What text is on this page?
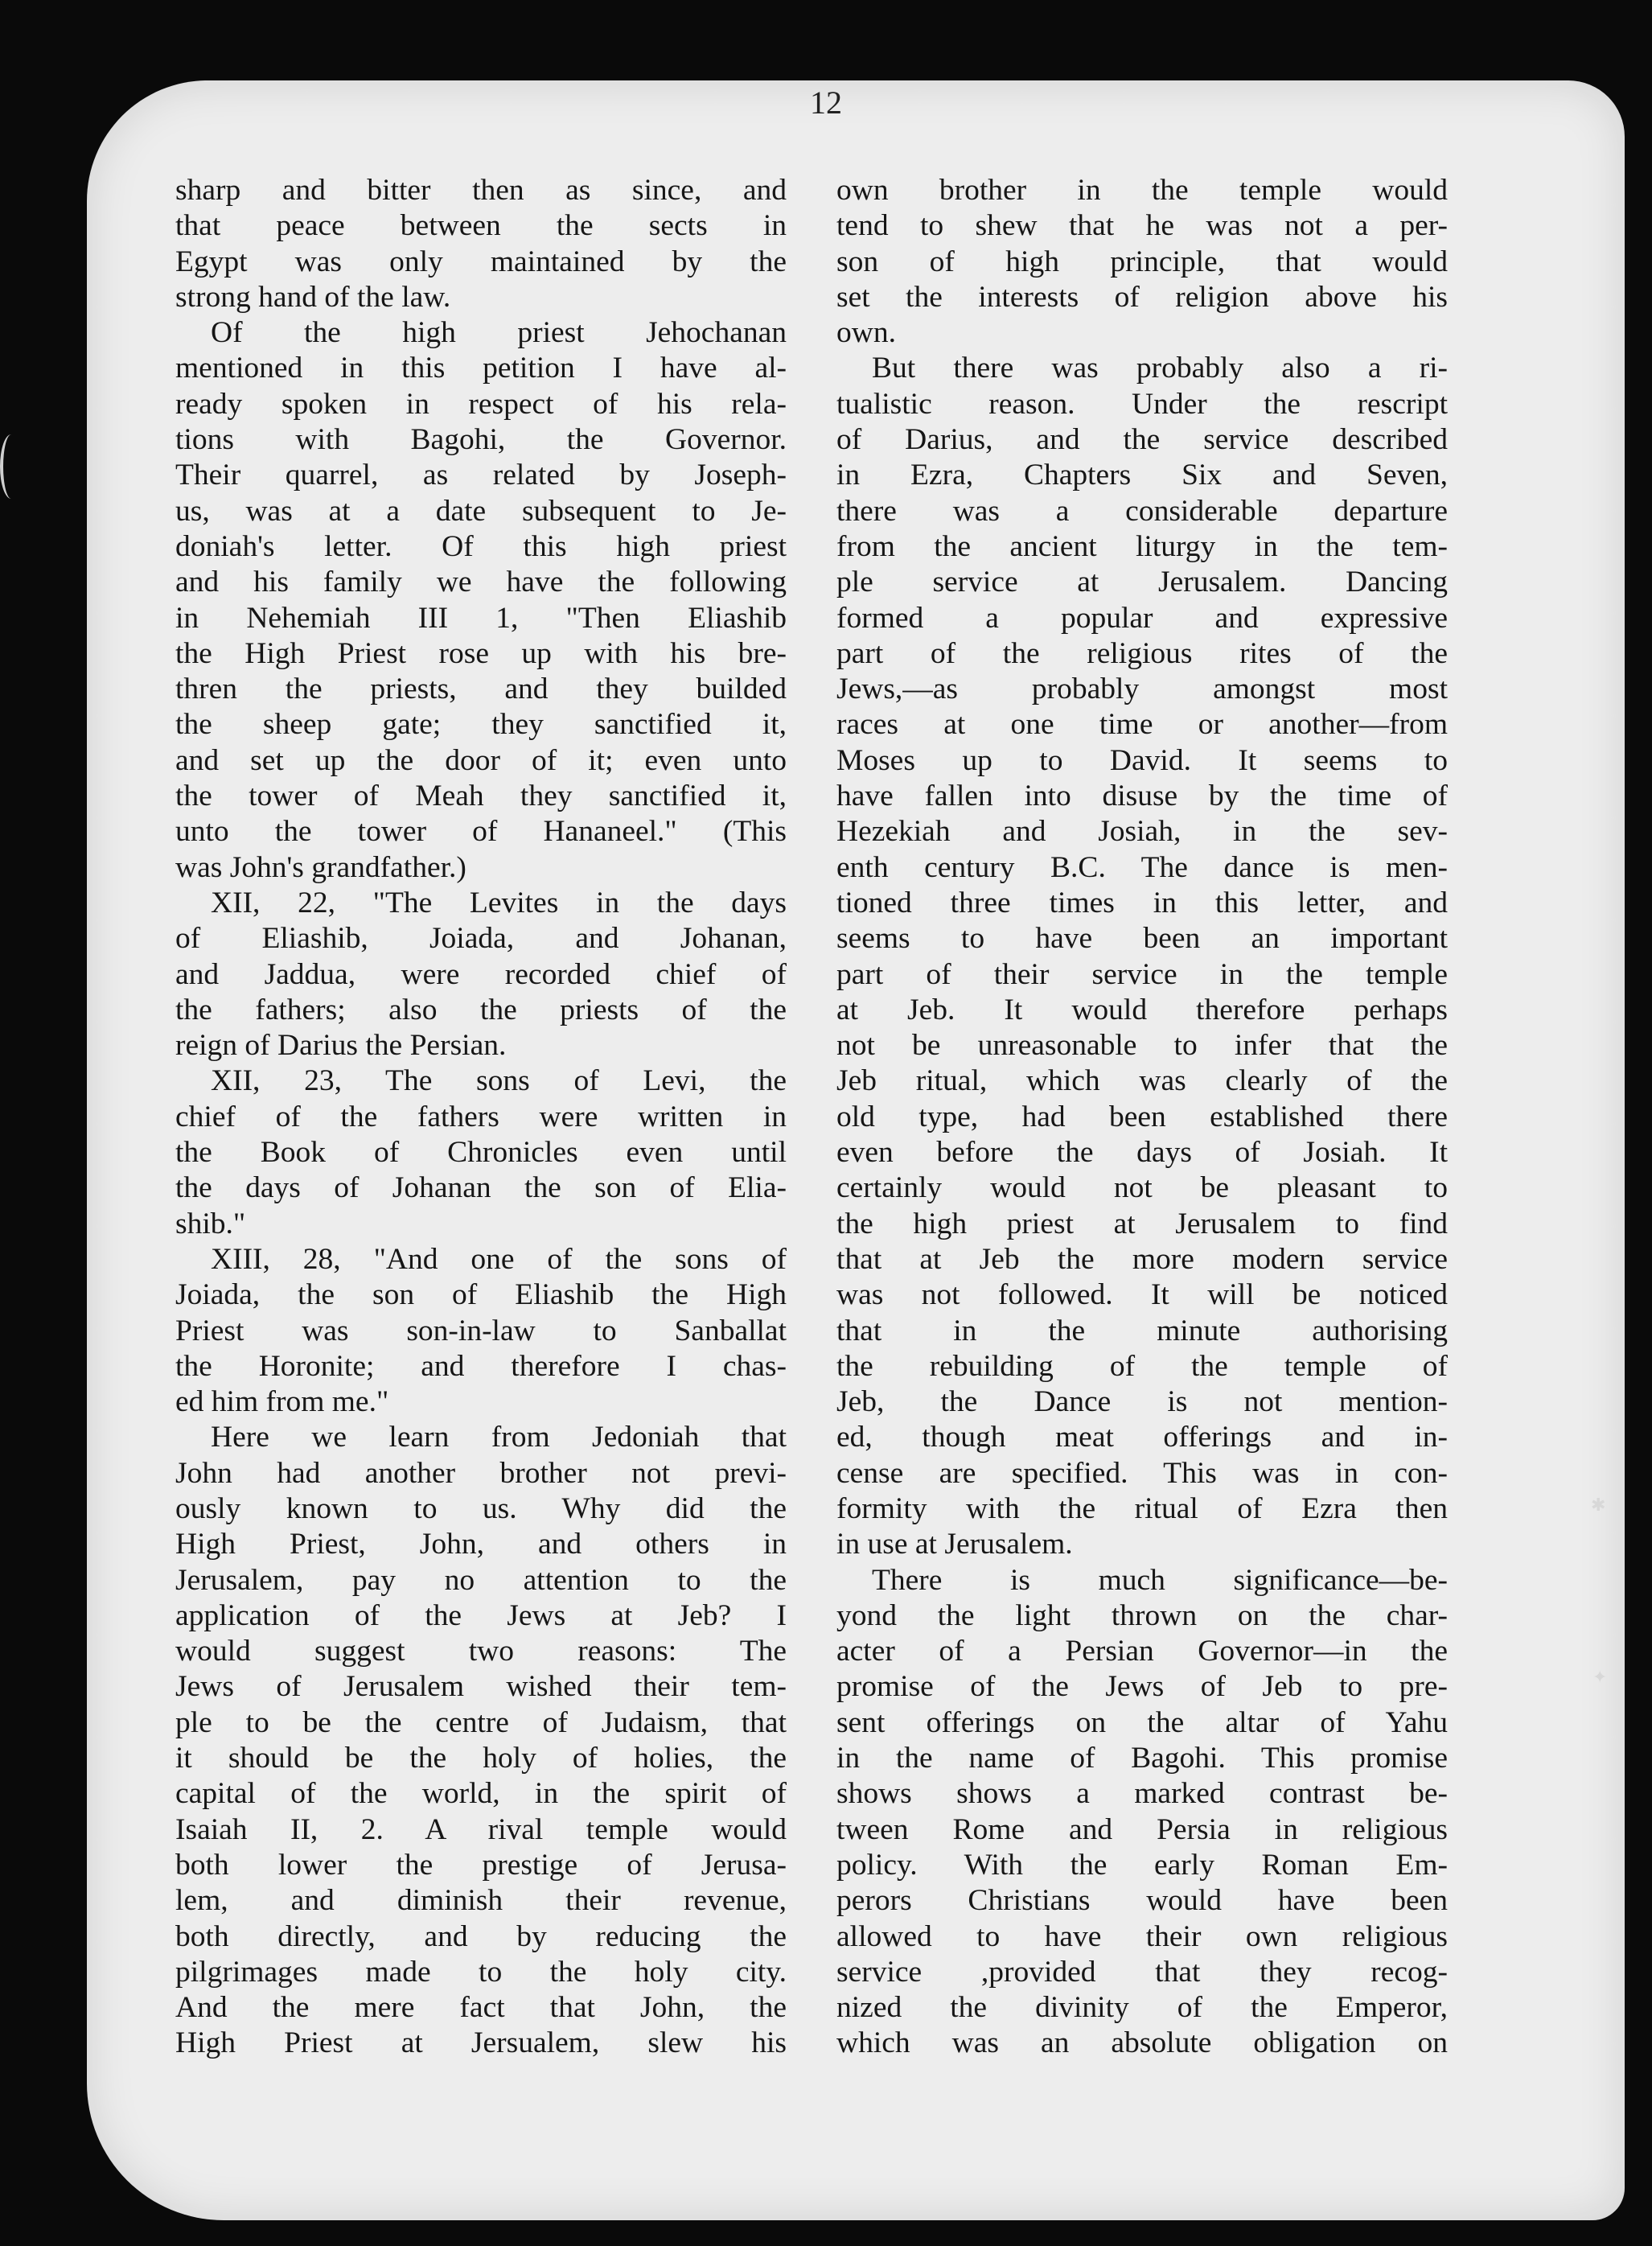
12
sharp and bitter then as since, and
that peace between the sects in
Egypt was only maintained by the
strong hand of the law.
Of the high priest Jehochanan
mentioned in this petition I have al-
ready spoken in respect of his rela-
tions with Bagohi, the Governor.
Their quarrel, as related by Joseph-
us, was at a date subsequent to Je-
doniah's letter. Of this high priest
and his family we have the following
in Nehemiah III 1, "Then Eliashib
the High Priest rose up with his bre-
thren the priests, and they builded
the sheep gate; they sanctified it,
and set up the door of it; even unto
the tower of Meah they sanctified it,
unto the tower of Hananeel." (This
was John's grandfather.)
XII, 22, "The Levites in the days
of Eliashib, Joiada, and Johanan,
and Jaddua, were recorded chief of
the fathers; also the priests of the
reign of Darius the Persian.
XII, 23, The sons of Levi, the
chief of the fathers were written in
the Book of Chronicles even until
the days of Johanan the son of Elia-
shib."
XIII, 28, "And one of the sons of
Joiada, the son of Eliashib the High
Priest was son-in-law to Sanballat
the Horonite; and therefore I chas-
ed him from me."
Here we learn from Jedoniah that
John had another brother not previ-
ously known to us. Why did the
High Priest, John, and others in
Jerusalem, pay no attention to the
application of the Jews at Jeb? I
would suggest two reasons: The
Jews of Jerusalem wished their tem-
ple to be the centre of Judaism, that
it should be the holy of holies, the
capital of the world, in the spirit of
Isaiah II, 2. A rival temple would
both lower the prestige of Jerusa-
lem, and diminish their revenue,
both directly, and by reducing the
pilgrimages made to the holy city.
And the mere fact that John, the
High Priest at Jersualem, slew his
own brother in the temple would
tend to shew that he was not a per-
son of high principle, that would
set the interests of religion above his
own.
But there was probably also a ri-
tualistic reason. Under the rescript
of Darius, and the service described
in Ezra, Chapters Six and Seven,
there was a considerable departure
from the ancient liturgy in the tem-
ple service at Jerusalem. Dancing
formed a popular and expressive
part of the religious rites of the
Jews,—as probably amongst most
races at one time or another—from
Moses up to David. It seems to
have fallen into disuse by the time of
Hezekiah and Josiah, in the sev-
enth century B.C. The dance is men-
tioned three times in this letter, and
seems to have been an important
part of their service in the temple
at Jeb. It would therefore perhaps
not be unreasonable to infer that the
Jeb ritual, which was clearly of the
old type, had been established there
even before the days of Josiah. It
certainly would not be pleasant to
the high priest at Jerusalem to find
that at Jeb the more modern service
was not followed. It will be noticed
that in the minute authorising
the rebuilding of the temple of
Jeb, the Dance is not mention-
ed, though meat offerings and in-
cense are specified. This was in con-
formity with the ritual of Ezra then
in use at Jerusalem.
There is much significance—be-
yond the light thrown on the char-
acter of a Persian Governor—in the
promise of the Jews of Jeb to pre-
sent offerings on the altar of Yahu
in the name of Bagohi. This promise
shows shows a marked contrast be-
tween Rome and Persia in religious
policy. With the early Roman Em-
perors Christians would have been
allowed to have their own religious
service ,provided that they recog-
nized the divinity of the Emperor,
which was an absolute obligation on
✱
✦
